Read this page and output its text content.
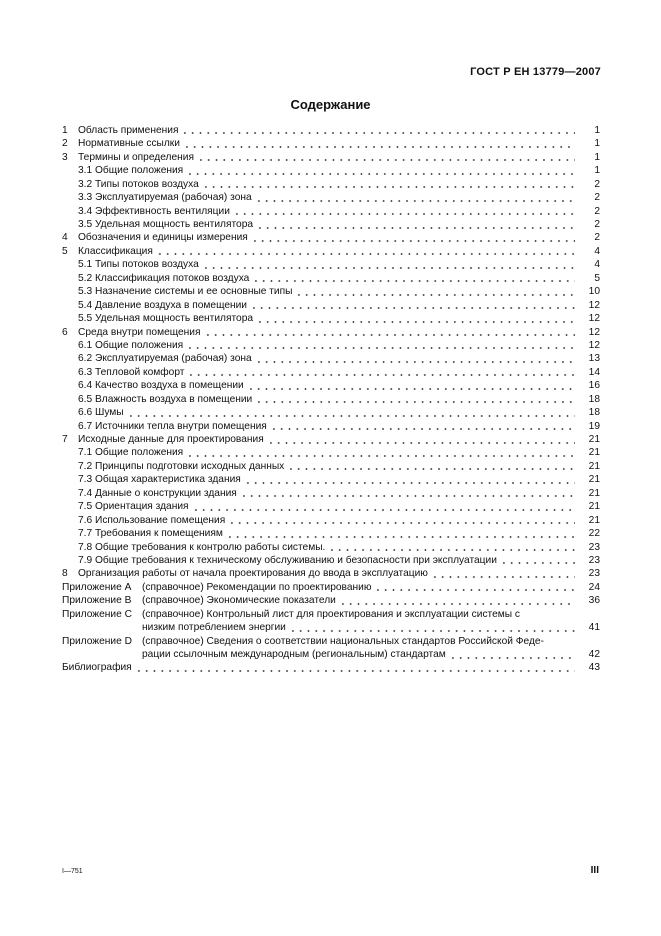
ГОСТ Р ЕН 13779—2007
Содержание
1	Область применения	1
2	Нормативные ссылки	1
3	Термины и определения	1
3.1 Общие положения	1
3.2 Типы потоков воздуха	2
3.3 Эксплуатируемая (рабочая) зона	2
3.4 Эффективность вентиляции	2
3.5 Удельная мощность вентилятора	2
4	Обозначения и единицы измерения	2
5	Классификация	4
5.1 Типы потоков воздуха	4
5.2 Классификация потоков воздуха	5
5.3 Назначение системы и ее основные типы	10
5.4 Давление воздуха в помещении	12
5.5 Удельная мощность вентилятора	12
6	Среда внутри помещения	12
6.1 Общие положения	12
6.2 Эксплуатируемая (рабочая) зона	13
6.3 Тепловой комфорт	14
6.4 Качество воздуха в помещении	16
6.5 Влажность воздуха в помещении	18
6.6 Шумы	18
6.7 Источники тепла внутри помещения	19
7	Исходные данные для проектирования	21
7.1 Общие положения	21
7.2 Принципы подготовки исходных данных	21
7.3 Общая характеристика здания	21
7.4 Данные о конструкции здания	21
7.5 Ориентация здания	21
7.6 Использование помещения	21
7.7 Требования к помещениям	22
7.8 Общие требования к контролю работы системы.	23
7.9 Общие требования к техническому обслуживанию и безопасности при эксплуатации	23
8	Организация работы от начала проектирования до ввода в эксплуатацию	23
Приложение А	(справочное) Рекомендации по проектированию	24
Приложение В	(справочное) Экономические показатели	36
Приложение С (справочное) Контрольный лист для проектирования и эксплуатации системы с
низким потреблением энергии	41
Приложение D (справочное) Сведения о соответствии национальных стандартов Российской Феде-
рации ссылочным международным (региональным) стандартам	42
Библиография	43
I—751	III
